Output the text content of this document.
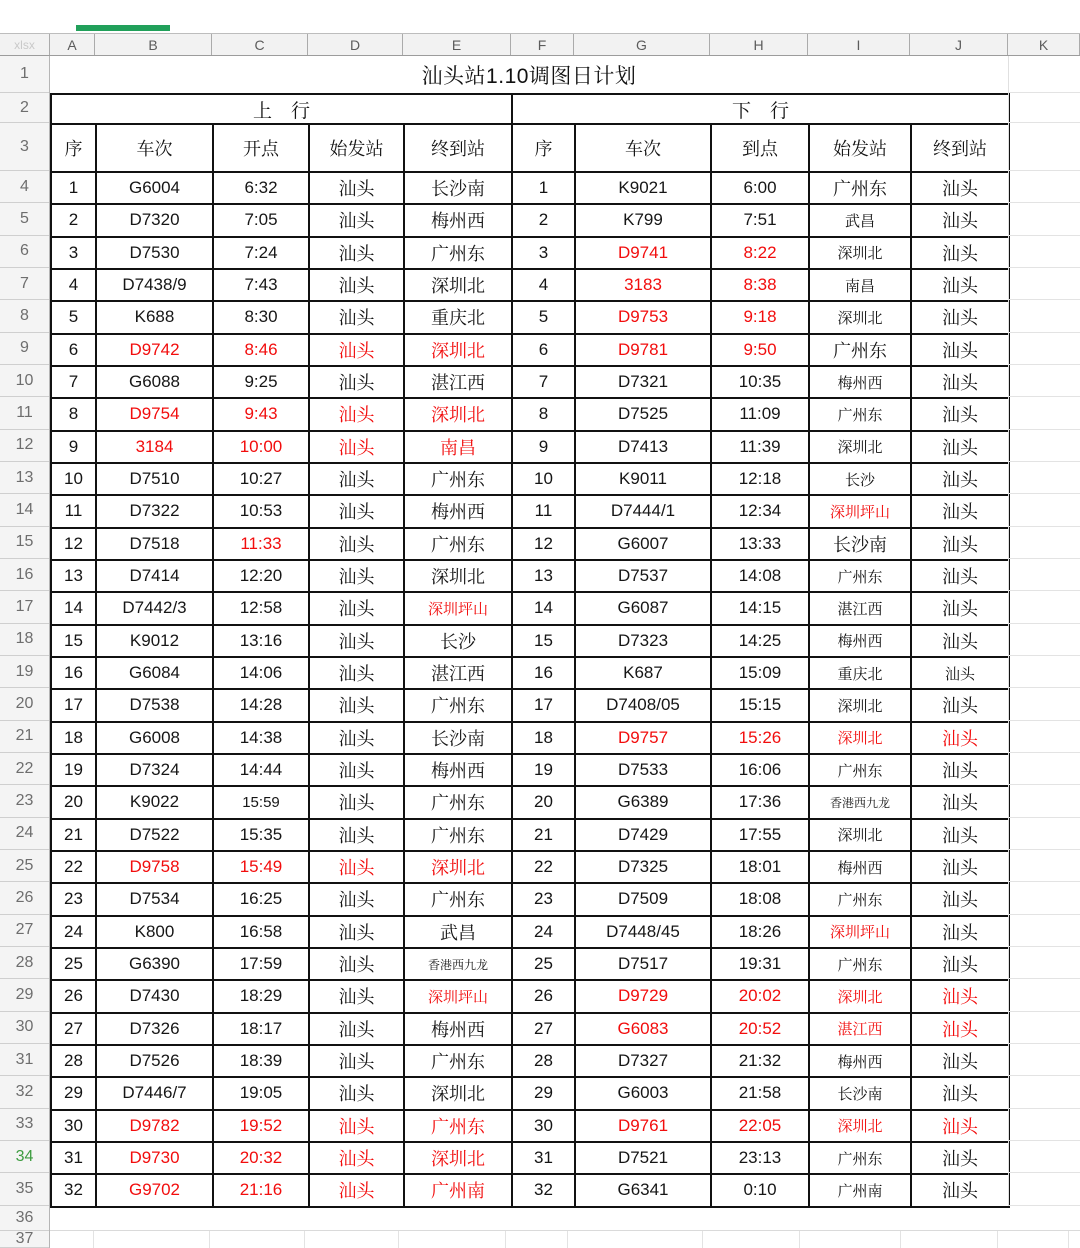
xlsx	A	B	C	D	E	F	G	H	I	J	K
1
2
3
4
5
6
7
8
9
10
11
12
13
14
15
16
17
18
19
20
21
22
23
24
25
26
27
28
29
30
31
32
33
34
35
36
37
汕头站1.10调图日计划
上　行				
序	车次	开点	始发站	终到站
1	G6004	6:32	汕头	长沙南
2	D7320	7:05	汕头	梅州西
3	D7530	7:24	汕头	广州东
4	D7438/9	7:43	汕头	深圳北
5	K688	8:30	汕头	重庆北
6	D9742	8:46	汕头	深圳北
7	G6088	9:25	汕头	湛江西
8	D9754	9:43	汕头	深圳北
9	3184	10:00	汕头	南昌
10	D7510	10:27	汕头	广州东
11	D7322	10:53	汕头	梅州西
12	D7518	11:33	汕头	广州东
13	D7414	12:20	汕头	深圳北
14	D7442/3	12:58	汕头	深圳坪山
15	K9012	13:16	汕头	长沙
16	G6084	14:06	汕头	湛江西
17	D7538	14:28	汕头	广州东
18	G6008	14:38	汕头	长沙南
19	D7324	14:44	汕头	梅州西
20	K9022	15:59	汕头	广州东
21	D7522	15:35	汕头	广州东
22	D9758	15:49	汕头	深圳北
23	D7534	16:25	汕头	广州东
24	K800	16:58	汕头	武昌
25	G6390	17:59	汕头	香港西九龙
26	D7430	18:29	汕头	深圳坪山
27	D7326	18:17	汕头	梅州西
28	D7526	18:39	汕头	广州东
29	D7446/7	19:05	汕头	深圳北
30	D9782	19:52	汕头	广州东
31	D9730	20:32	汕头	深圳北
32	G9702	21:16	汕头	广州南
下　行				
序	车次	到点	始发站	终到站
1	K9021	6:00	广州东	汕头
2	K799	7:51	武昌	汕头
3	D9741	8:22	深圳北	汕头
4	3183	8:38	南昌	汕头
5	D9753	9:18	深圳北	汕头
6	D9781	9:50	广州东	汕头
7	D7321	10:35	梅州西	汕头
8	D7525	11:09	广州东	汕头
9	D7413	11:39	深圳北	汕头
10	K9011	12:18	长沙	汕头
11	D7444/1	12:34	深圳坪山	汕头
12	G6007	13:33	长沙南	汕头
13	D7537	14:08	广州东	汕头
14	G6087	14:15	湛江西	汕头
15	D7323	14:25	梅州西	汕头
16	K687	15:09	重庆北	汕头
17	D7408/05	15:15	深圳北	汕头
18	D9757	15:26	深圳北	汕头
19	D7533	16:06	广州东	汕头
20	G6389	17:36	香港西九龙	汕头
21	D7429	17:55	深圳北	汕头
22	D7325	18:01	梅州西	汕头
23	D7509	18:08	广州东	汕头
24	D7448/45	18:26	深圳坪山	汕头
25	D7517	19:31	广州东	汕头
26	D9729	20:02	深圳北	汕头
27	G6083	20:52	湛江西	汕头
28	D7327	21:32	梅州西	汕头
29	G6003	21:58	长沙南	汕头
30	D9761	22:05	深圳北	汕头
31	D7521	23:13	广州东	汕头
32	G6341	0:10	广州南	汕头
